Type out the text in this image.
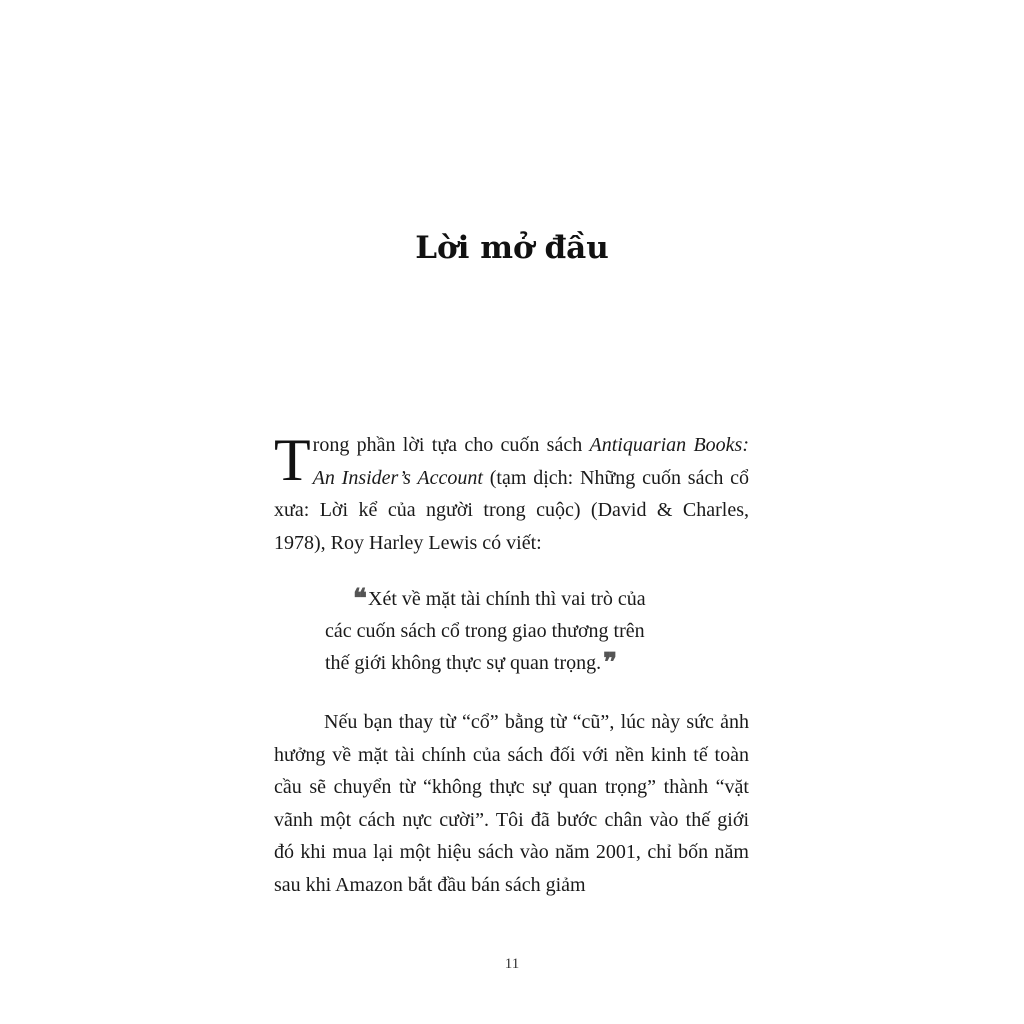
Lời mở đầu

Trong phần lời tựa cho cuốn sách Antiquarian Books: An Insider’s Account (tạm dịch: Những cuốn sách cổ xưa: Lời kể của người trong cuộc) (David & Charles, 1978), Roy Harley Lewis có viết:

❝Xét về mặt tài chính thì vai trò của
các cuốn sách cổ trong giao thương trên
thế giới không thực sự quan trọng.❞

Nếu bạn thay từ “cổ” bằng từ “cũ”, lúc này sức ảnh hưởng về mặt tài chính của sách đối với nền kinh tế toàn cầu sẽ chuyển từ “không thực sự quan trọng” thành “vặt vãnh một cách nực cười”. Tôi đã bước chân vào thế giới đó khi mua lại một hiệu sách vào năm 2001, chỉ bốn năm sau khi Amazon bắt đầu bán sách giảm

11
